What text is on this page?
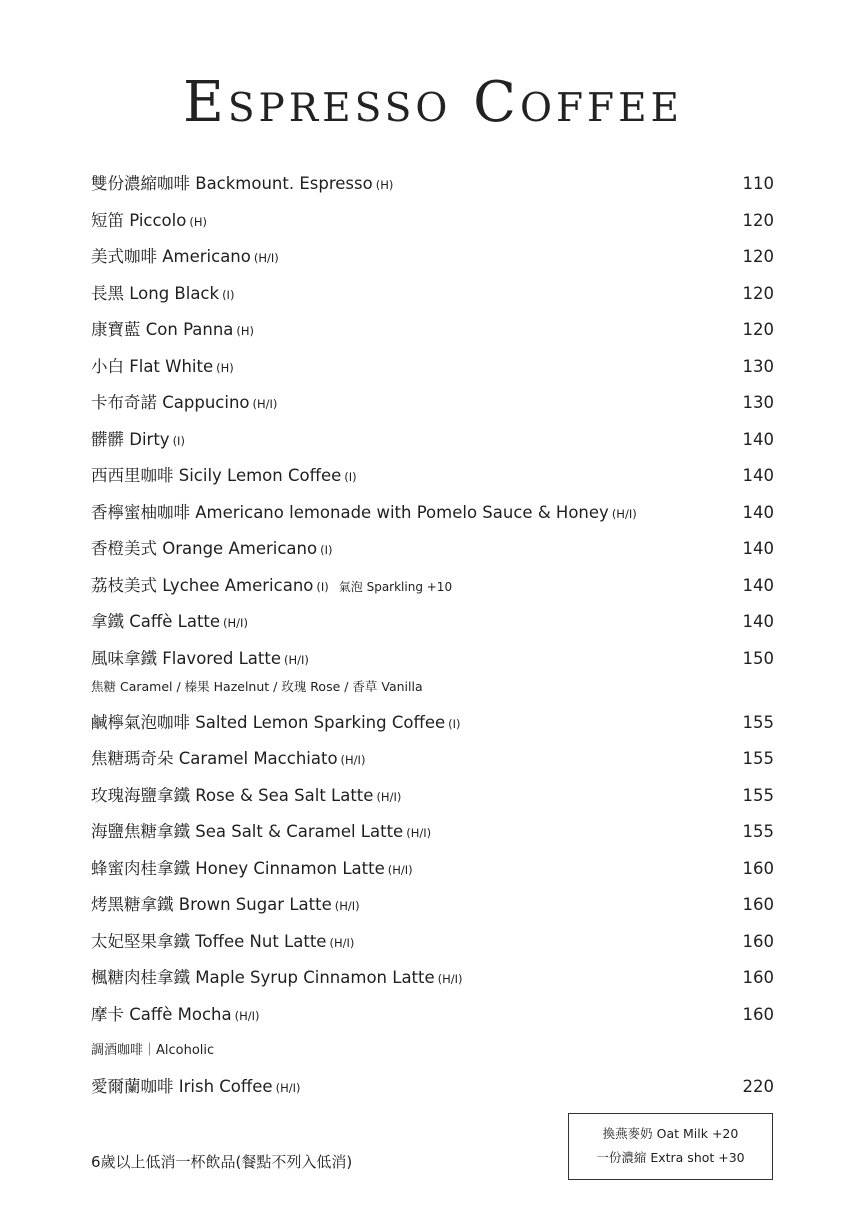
Espresso Coffee
雙份濃縮咖啡 Backmount. Espresso (H)	110
短笛 Piccolo (H)	120
美式咖啡 Americano (H/I)	120
長黑 Long Black (I)	120
康寶藍 Con Panna (H)	120
小白 Flat White (H)	130
卡布奇諾 Cappucino (H/I)	130
髒髒 Dirty (I)	140
西西里咖啡 Sicily Lemon Coffee (I)	140
香檸蜜柚咖啡 Americano lemonade with Pomelo Sauce & Honey (H/I)	140
香橙美式 Orange Americano (I)	140
荔枝美式 Lychee Americano (I) 氣泡 Sparkling +10	140
拿鐵 Caffè Latte (H/I)	140
風味拿鐵 Flavored Latte (H/I)	150
焦糖 Caramel / 榛果 Hazelnut / 玫瑰 Rose / 香草 Vanilla
鹹檸氣泡咖啡 Salted Lemon Sparking Coffee (I)	155
焦糖瑪奇朵 Caramel Macchiato (H/I)	155
玫瑰海鹽拿鐵 Rose & Sea Salt Latte (H/I)	155
海鹽焦糖拿鐵 Sea Salt & Caramel Latte (H/I)	155
蜂蜜肉桂拿鐵 Honey Cinnamon Latte (H/I)	160
烤黑糖拿鐵 Brown Sugar Latte (H/I)	160
太妃堅果拿鐵 Toffee Nut Latte (H/I)	160
楓糖肉桂拿鐵 Maple Syrup Cinnamon Latte (H/I)	160
摩卡 Caffè Mocha (H/I)	160
調酒咖啡｜Alcoholic
愛爾蘭咖啡 Irish Coffee (H/I)	220
換燕麥奶 Oat Milk +20
一份濃縮 Extra shot +30
6歲以上低消一杯飲品(餐點不列入低消)
